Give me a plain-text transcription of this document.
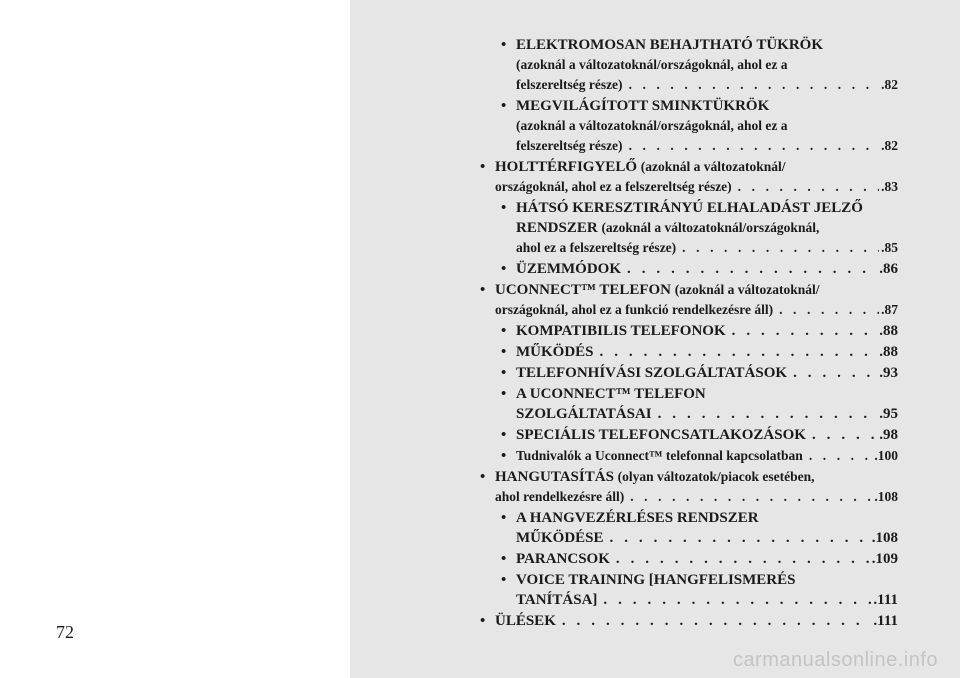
72
• ELEKTROMOSAN BEHAJTHATÓ TÜKRÖK
(azoknál a változatoknál/országoknál, ahol ez a
felszereltség része) . . .	.82
• MEGVILÁGÍTOTT SMINKTÜKRÖK
(azoknál a változatoknál/országoknál, ahol ez a
felszereltség része) . . .	.82
• HOLTTÉRFIGYELŐ (azoknál a változatoknál/
országoknál, ahol ez a felszereltség része) . . .	.83
• HÁTSÓ KERESZTIRÁNYÚ ELHALADÁST JELZŐ
RENDSZER (azoknál a változatoknál/országoknál,
ahol ez a felszereltség része) . . .	.85
• ÜZEMMÓDOK . . .	.86
• UCONNECT™ TELEFON (azoknál a változatoknál/
országoknál, ahol ez a funkció rendelkezésre áll) . . .	.87
• KOMPATIBILIS TELEFONOK . . .	.88
• MŰKÖDÉS . . .	.88
• TELEFONHÍVÁSI SZOLGÁLTATÁSOK . . .	.93
• A UCONNECT™ TELEFON
SZOLGÁLTATÁSAI . . .	.95
• SPECIÁLIS TELEFONCSATLAKOZÁSOK . . .	.98
• Tudnivalók a Uconnect™ telefonnal kapcsolatban . . .	.100
• HANGUTASÍTÁS (olyan változatok/piacok esetében,
ahol rendelkezésre áll) . . .	.108
• A HANGVEZÉRLÉSES RENDSZER
MŰKÖDÉSE . . .	.108
• PARANCSOK . . .	.109
• VOICE TRAINING [HANGFELISMERÉS
TANÍTÁSA] . . .	.111
• ÜLÉSEK . . .	.111
carmanualsonline.info
